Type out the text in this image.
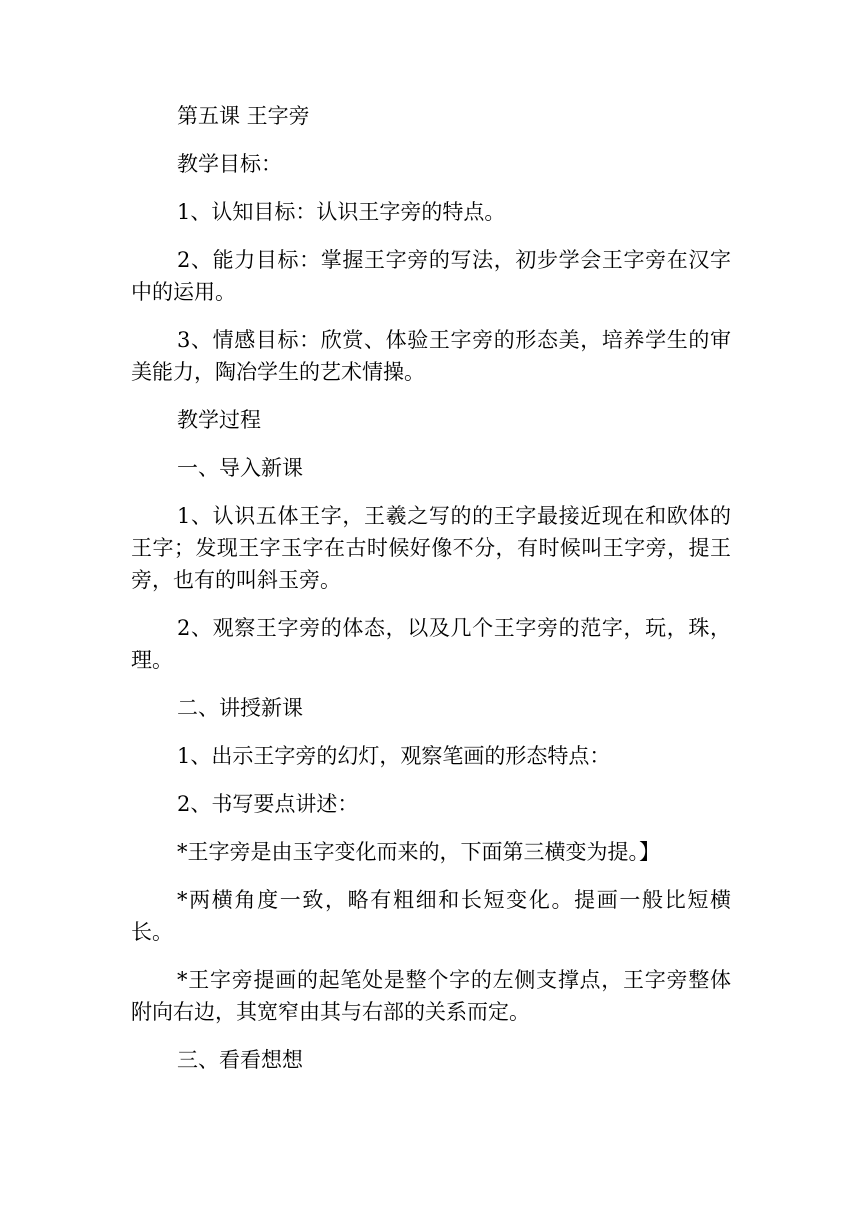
第五课 王字旁

教学目标：

1、认知目标：认识王字旁的特点。

2、能力目标：掌握王字旁的写法，初步学会王字旁在汉字中的运用。

3、情感目标：欣赏、体验王字旁的形态美，培养学生的审美能力，陶冶学生的艺术情操。

教学过程

一、导入新课

1、认识五体王字，王羲之写的的王字最接近现在和欧体的王字；发现王字玉字在古时候好像不分，有时候叫王字旁，提王旁，也有的叫斜玉旁。

2、观察王字旁的体态，以及几个王字旁的范字，玩，珠，理。

二、讲授新课

1、出示王字旁的幻灯，观察笔画的形态特点：

2、书写要点讲述：

*王字旁是由玉字变化而来的，下面第三横变为提。】

*两横角度一致，略有粗细和长短变化。提画一般比短横长。

*王字旁提画的起笔处是整个字的左侧支撑点，王字旁整体附向右边，其宽窄由其与右部的关系而定。

三、看看想想
